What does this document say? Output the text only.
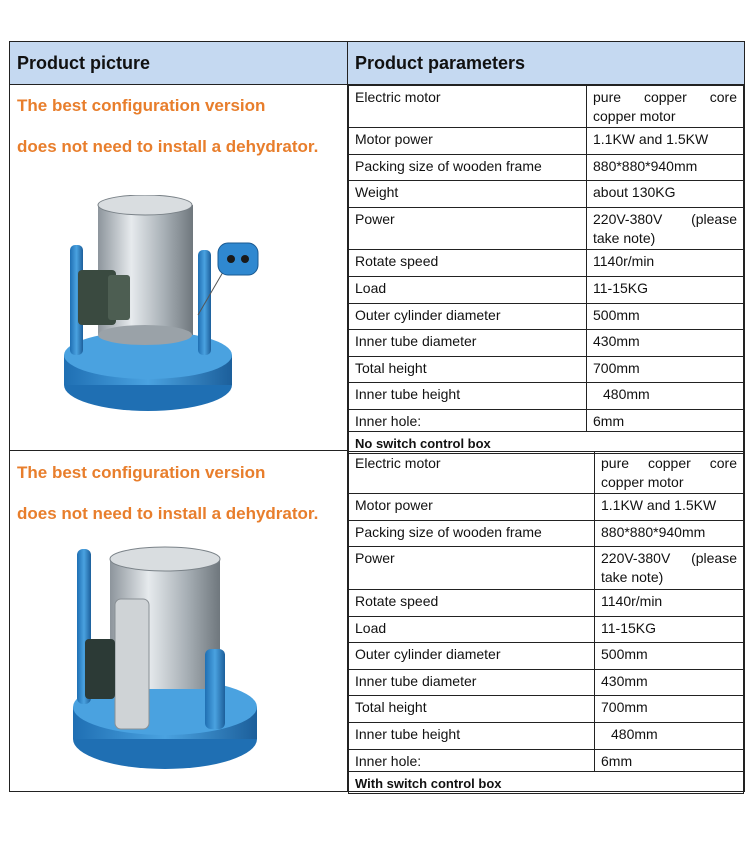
Product picture	Product parameters
The best configuration version
does not need to install a dehydrator.
The best configuration version
does not need to install a dehydrator.
Electric motor	pure copper core copper motor
Motor power	1.1KW and 1.5KW
Packing size of wooden frame	880*880*940mm
Weight	about 130KG
Power	220V-380V (please take note)
Rotate speed	1140r/min
Load	11-15KG
Outer cylinder diameter	500mm
Inner tube diameter	430mm
Total height	700mm
Inner tube height	480mm
Inner hole:	6mm
No switch control box	
Electric motor	pure copper core copper motor
Motor power	1.1KW and 1.5KW
Packing size of wooden frame	880*880*940mm
Power	220V-380V (please take note)
Rotate speed	1140r/min
Load	11-15KG
Outer cylinder diameter	500mm
Inner tube diameter	430mm
Total height	700mm
Inner tube height	480mm
Inner hole:	6mm
With switch control box	
